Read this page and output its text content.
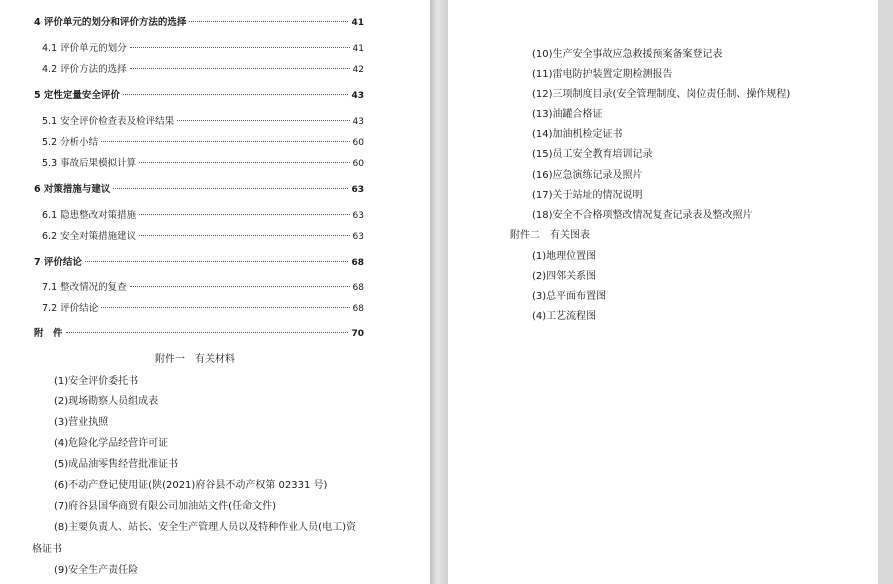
4 评价单元的划分和评价方法的选择	41
4.1 评价单元的划分	41
4.2 评价方法的选择	42
5 定性定量安全评价	43
5.1 安全评价检查表及检评结果	43
5.2 分析小结	60
5.3 事故后果模拟计算	60
6 对策措施与建议	63
6.1 隐患整改对策措施	63
6.2 安全对策措施建议	63
7 评价结论	68
7.1 整改情况的复查	68
7.2 评价结论	68
附　件	70
附件一　有关材料
(1)安全评价委托书
(2)现场勘察人员组成表
(3)营业执照
(4)危险化学品经营许可证
(5)成品油零售经营批准证书
(6)不动产登记使用证(陕(2021)府谷县不动产权第 02331 号)
(7)府谷县国华商贸有限公司加油站文件(任命文件)
(8)主要负责人、站长、安全生产管理人员以及特种作业人员(电工)资
格证书
(9)安全生产责任险
(10)生产安全事故应急救援预案备案登记表
(11)雷电防护装置定期检测报告
(12)三项制度目录(安全管理制度、岗位责任制、操作规程)
(13)油罐合格证
(14)加油机检定证书
(15)员工安全教育培训记录
(16)应急演练记录及照片
(17)关于站址的情况说明
(18)安全不合格项整改情况复查记录表及整改照片
附件二　有关图表
(1)地理位置图
(2)四邻关系图
(3)总平面布置图
(4)工艺流程图
